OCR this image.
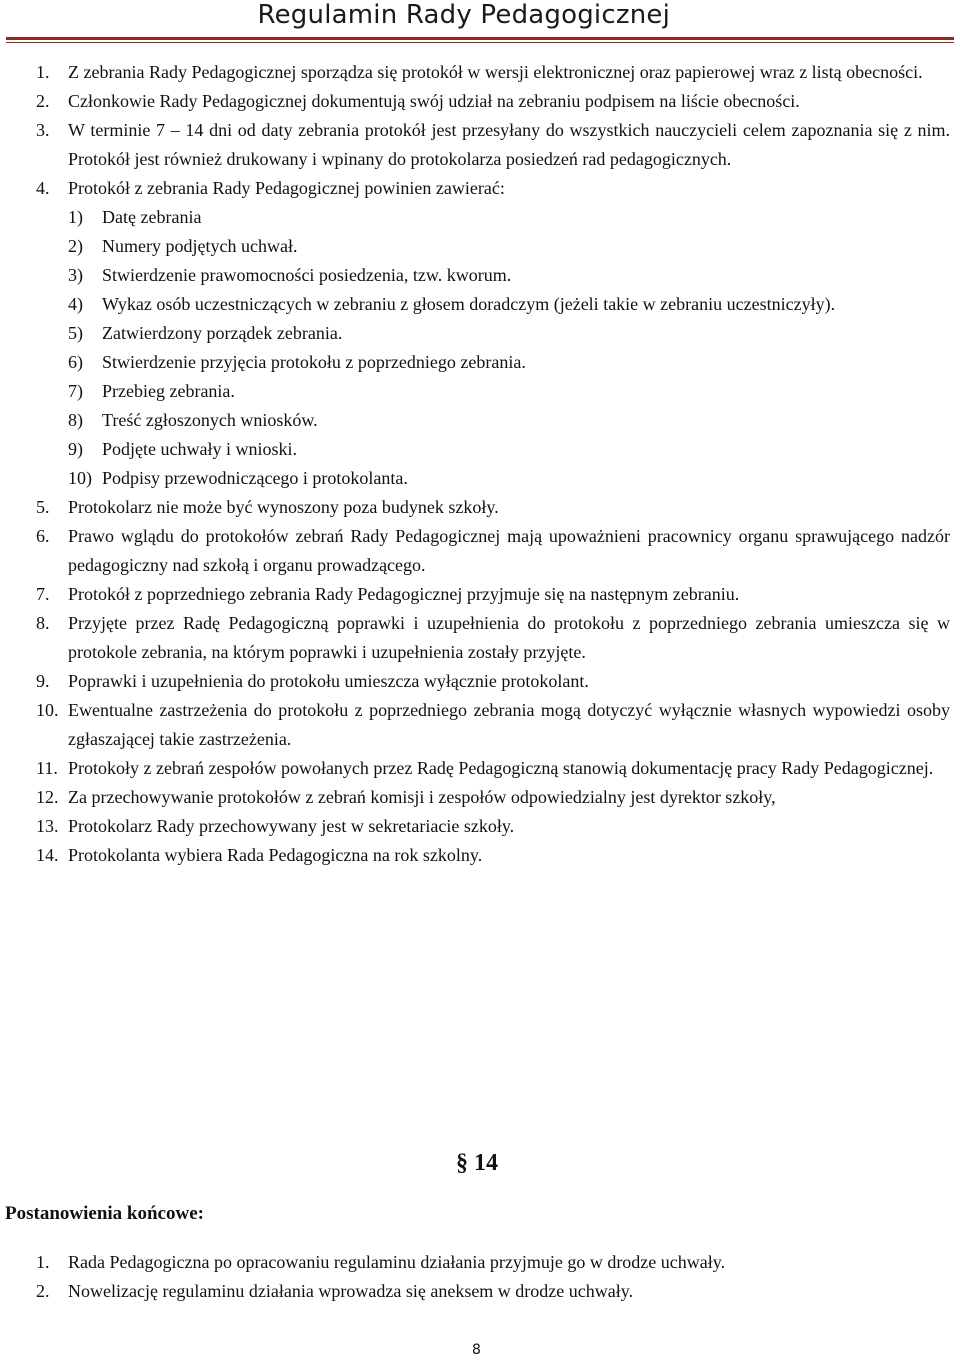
Regulamin Rady Pedagogicznej
1. Z zebrania Rady Pedagogicznej sporządza się protokół w wersji elektronicznej oraz papierowej wraz z listą obecności.
2. Członkowie Rady Pedagogicznej dokumentują swój udział na zebraniu podpisem na liście obecności.
3. W terminie 7 – 14 dni od daty zebrania protokół jest przesyłany do wszystkich nauczycieli celem zapoznania się z nim. Protokół jest również drukowany i wpinany do protokolarza posiedzeń rad pedagogicznych.
4. Protokół z zebrania Rady Pedagogicznej powinien zawierać:
1) Datę zebrania
2) Numery podjętych uchwał.
3) Stwierdzenie prawomocności posiedzenia, tzw. kworum.
4) Wykaz osób uczestniczących w zebraniu z głosem doradczym (jeżeli takie w zebraniu uczestniczyły).
5) Zatwierdzony porządek zebrania.
6) Stwierdzenie przyjęcia protokołu z poprzedniego zebrania.
7) Przebieg zebrania.
8) Treść zgłoszonych wniosków.
9) Podjęte uchwały i wnioski.
10) Podpisy przewodniczącego i protokolanta.
5. Protokolarz nie może być wynoszony poza budynek szkoły.
6. Prawo wglądu do protokołów zebrań Rady Pedagogicznej mają upoważnieni pracownicy organu sprawującego nadzór pedagogiczny nad szkołą i organu prowadzącego.
7. Protokół z poprzedniego zebrania Rady Pedagogicznej przyjmuje się na następnym zebraniu.
8. Przyjęte przez Radę Pedagogiczną poprawki i uzupełnienia do protokołu z poprzedniego zebrania umieszcza się w protokole zebrania, na którym poprawki i uzupełnienia zostały przyjęte.
9. Poprawki i uzupełnienia do protokołu umieszcza wyłącznie protokolant.
10. Ewentualne zastrzeżenia do protokołu z poprzedniego zebrania mogą dotyczyć wyłącznie własnych wypowiedzi osoby zgłaszającej takie zastrzeżenia.
11. Protokoły z zebrań zespołów powołanych przez Radę Pedagogiczną stanowią dokumentację pracy Rady Pedagogicznej.
12. Za przechowywanie protokołów z zebrań komisji i zespołów odpowiedzialny jest dyrektor szkoły,
13. Protokolarz Rady przechowywany jest w sekretariacie szkoły.
14. Protokolanta wybiera Rada Pedagogiczna na rok szkolny.
§ 14
Postanowienia końcowe:
1. Rada Pedagogiczna po opracowaniu regulaminu działania przyjmuje go w drodze uchwały.
2. Nowelizację regulaminu działania wprowadza się aneksem w drodze uchwały.
8
